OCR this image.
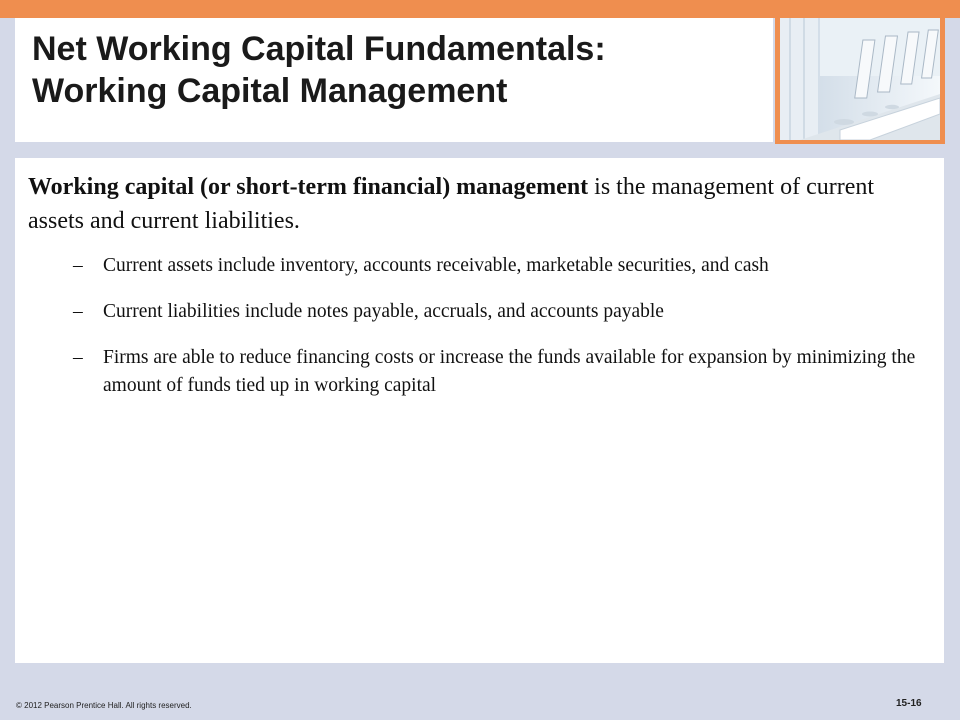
Net Working Capital Fundamentals:
Working Capital Management

Working capital (or short-term financial) management is the management of current assets and current liabilities.

– Current assets include inventory, accounts receivable, marketable securities, and cash
– Current liabilities include notes payable, accruals, and accounts payable
– Firms are able to reduce financing costs or increase the funds available for expansion by minimizing the amount of funds tied up in working capital
© 2012 Pearson Prentice Hall. All rights reserved.	15-16
